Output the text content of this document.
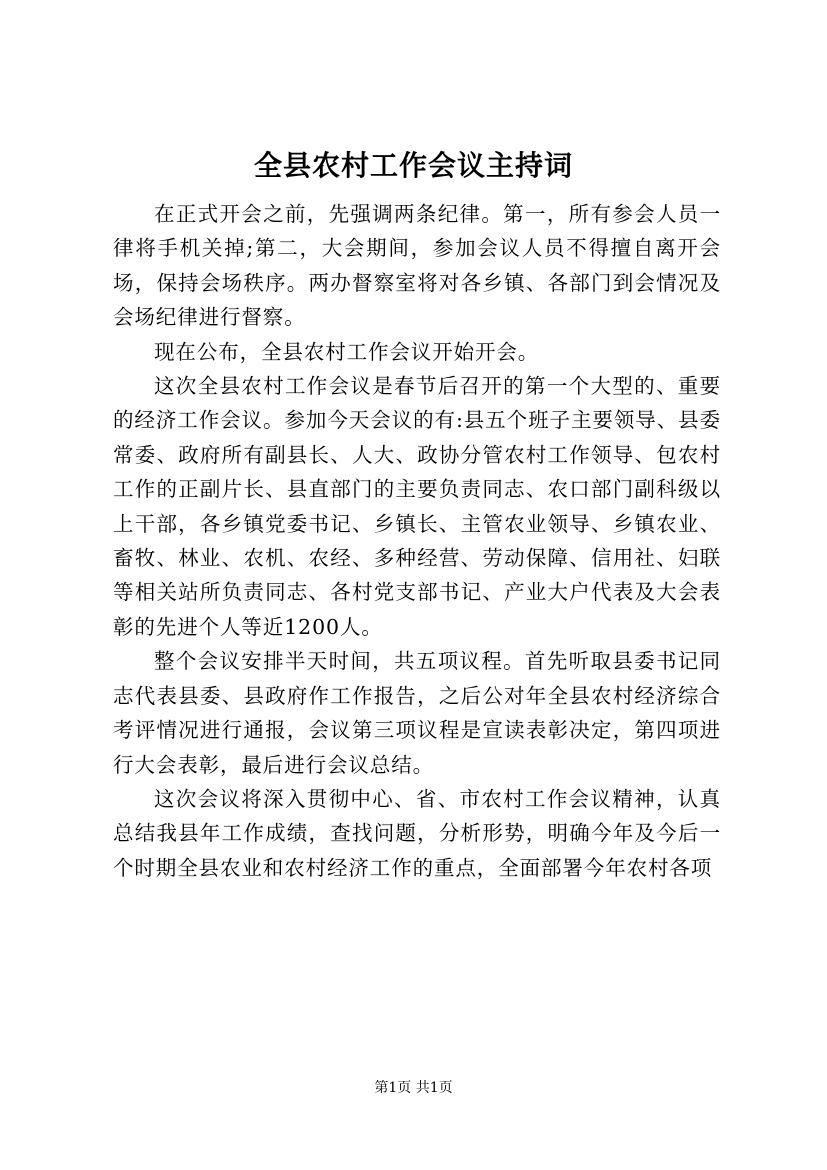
全县农村工作会议主持词

在正式开会之前，先强调两条纪律。第一，所有参会人员一律将手机关掉;第二，大会期间，参加会议人员不得擅自离开会场，保持会场秩序。两办督察室将对各乡镇、各部门到会情况及会场纪律进行督察。

现在公布，全县农村工作会议开始开会。

这次全县农村工作会议是春节后召开的第一个大型的、重要的经济工作会议。参加今天会议的有:县五个班子主要领导、县委常委、政府所有副县长、人大、政协分管农村工作领导、包农村工作的正副片长、县直部门的主要负责同志、农口部门副科级以上干部，各乡镇党委书记、乡镇长、主管农业领导、乡镇农业、畜牧、林业、农机、农经、多种经营、劳动保障、信用社、妇联等相关站所负责同志、各村党支部书记、产业大户代表及大会表彰的先进个人等近1200人。

整个会议安排半天时间，共五项议程。首先听取县委书记同志代表县委、县政府作工作报告，之后公对年全县农村经济综合考评情况进行通报，会议第三项议程是宣读表彰决定，第四项进行大会表彰，最后进行会议总结。

这次会议将深入贯彻中心、省、市农村工作会议精神，认真总结我县年工作成绩，查找问题，分析形势，明确今年及今后一个时期全县农业和农村经济工作的重点，全面部署今年农村各项

第1页 共1页
